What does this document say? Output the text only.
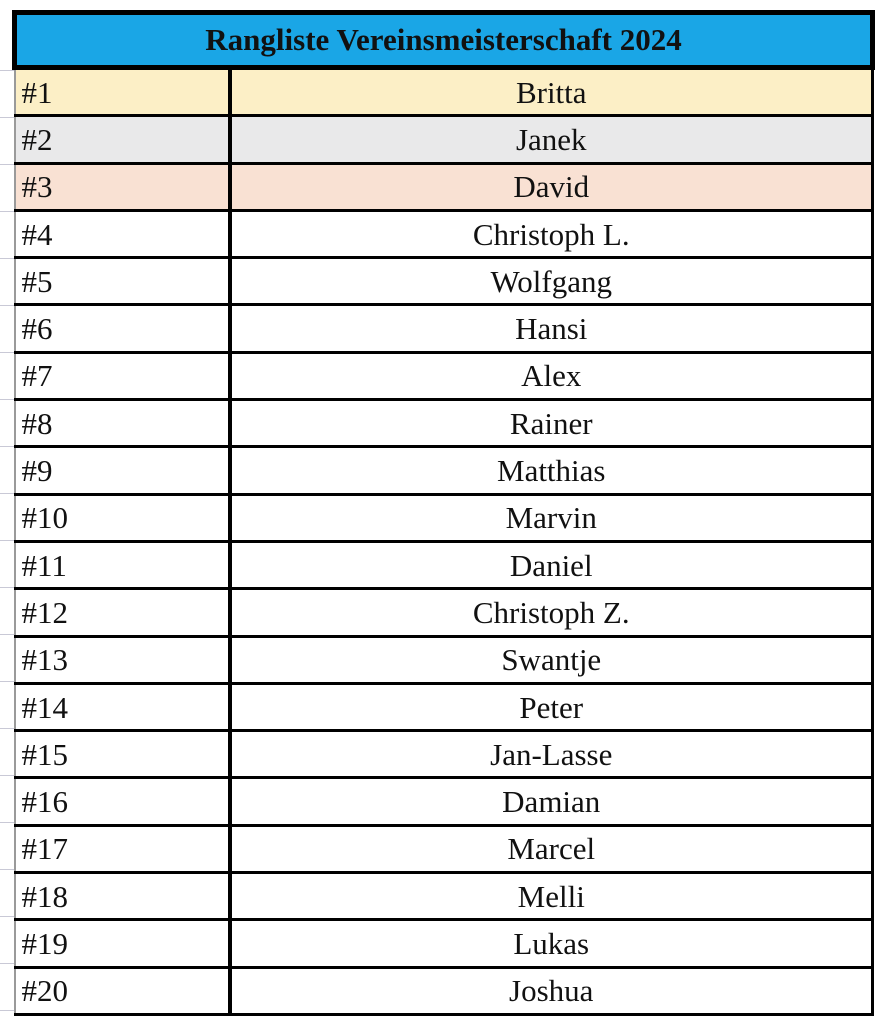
Rangliste Vereinsmeisterschaft 2024	
#1	Britta
#2	Janek
#3	David
#4	Christoph L.
#5	Wolfgang
#6	Hansi
#7	Alex
#8	Rainer
#9	Matthias
#10	Marvin
#11	Daniel
#12	Christoph Z.
#13	Swantje
#14	Peter
#15	Jan-Lasse
#16	Damian
#17	Marcel
#18	Melli
#19	Lukas
#20	Joshua
